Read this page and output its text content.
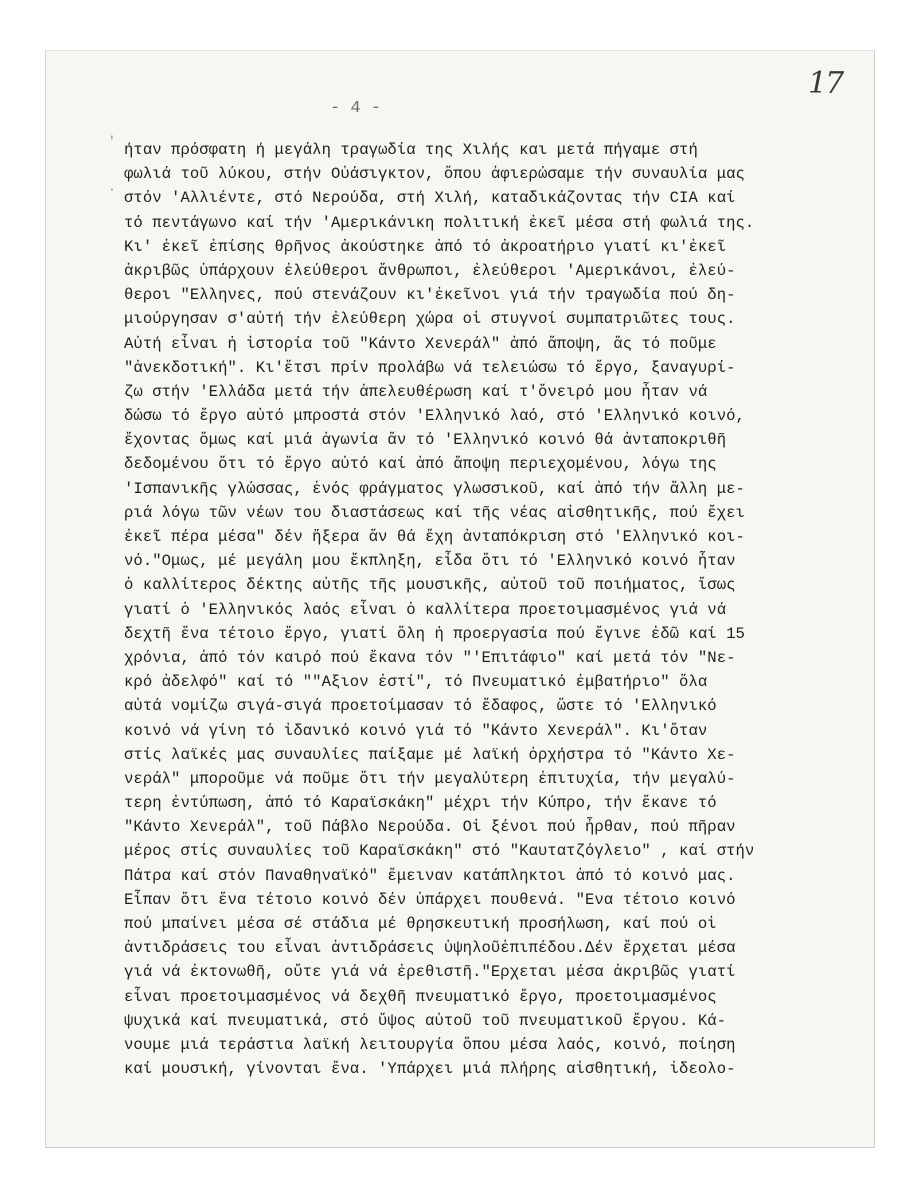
17
- 4 -
'
·
ήταν πρόσφατη ή μεγάλη τραγωδία της Χιλής και μετά πήγαμε στή
φωλιά τοῦ λύκου, στήν Οὐάσιγκτον, ὅπου ἀφιερώσαμε τήν συναυλία μας
στόν 'Αλλιέντε, στό Νερούδα, στή Χιλή, καταδικάζοντας τήν CIA καί
τό πεντάγωνο καί τήν 'Αμερικάνικη πολιτική ἐκεῖ μέσα στή φωλιά της.
Κι' ἐκεῖ ἐπίσης θρῆνος ἀκούστηκε ἀπό τό ἀκροατήριο γιατί κι'ἐκεῖ
ἀκριβῶς ὑπάρχουν ἐλεύθεροι ἄνθρωποι, ἐλεύθεροι 'Αμερικάνοι, ἐλεύ-
θεροι "Ελληνες, πού στενάζουν κι'ἐκεῖνοι γιά τήν τραγωδία πού δη-
μιούργησαν σ'αὐτή τήν ἐλεύθερη χώρα οἱ στυγνοί συμπατριῶτες τους.
Αὐτή εἶναι ἡ ἱστορία τοῦ "Κάντο Χενεράλ" ἀπό ἄποψη, ἅς τό ποῦμε
"ἀνεκδοτική". Κι'ἔτσι πρίν προλάβω νά τελειώσω τό ἔργο, ξαναγυρί-
ζω στήν 'Ελλάδα μετά τήν ἀπελευθέρωση καί τ'ὄνειρό μου ἦταν νά
δώσω τό ἔργο αὐτό μπροστά στόν 'Ελληνικό λαό, στό 'Ελληνικό κοινό,
ἔχοντας ὅμως καί μιά ἀγωνία ἄν τό 'Ελληνικό κοινό θά ἀνταποκριθῆ
δεδομένου ὅτι τό ἔργο αὐτό καί ἀπό ἄποψη περιεχομένου, λόγω της
'Ισπανικῆς γλώσσας, ἑνός φράγματος γλωσσικοῦ, καί ἀπό τήν ἄλλη με-
ριά λόγω τῶν νέων του διαστάσεως καί τῆς νέας αἰσθητικῆς, πού ἔχει
ἐκεῖ πέρα μέσα" δέν ἤξερα ἄν θά ἔχη ἀνταπόκριση στό 'Ελληνικό κοι-
νό."Ομως, μέ μεγάλη μου ἔκπληξη, εἶδα ὅτι τό 'Ελληνικό κοινό ἦταν
ὁ καλλίτερος δέκτης αὐτῆς τῆς μουσικῆς, αὐτοῦ τοῦ ποιήματος, ἴσως
γιατί ὁ 'Ελληνικός λαός εἶναι ὁ καλλίτερα προετοιμασμένος γιά νά
δεχτῆ ἕνα τέτοιο ἔργο, γιατί ὅλη ἡ προεργασία πού ἔγινε ἐδῶ καί 15
χρόνια, ἀπό τόν καιρό πού ἔκανα τόν "'Επιτάφιο" καί μετά τόν "Νε-
κρό ἀδελφό" καί τό ""Αξιον ἐστί", τό Πνευματικό ἐμβατήριο" ὅλα
αὐτά νομίζω σιγά-σιγά προετοίμασαν τό ἔδαφος, ὥστε τό 'Ελληνικό
κοινό νά γίνη τό ἰδανικό κοινό γιά τό "Κάντο Χενεράλ". Κι'ὅταν
στίς λαϊκές μας συναυλίες παίξαμε μέ λαϊκή ὀρχήστρα τό "Κάντο Χε-
νεράλ" μποροῦμε νά ποῦμε ὅτι τήν μεγαλύτερη ἐπιτυχία, τήν μεγαλύ-
τερη ἐντύπωση, ἀπό τό Καραϊσκάκη" μέχρι τήν Κύπρο, τήν ἔκανε τό
"Κάντο Χενεράλ", τοῦ Πάβλο Νερούδα. Οἱ ξένοι πού ἦρθαν, πού πῆραν
μέρος στίς συναυλίες τοῦ Καραϊσκάκη" στό "Καυτατζόγλειο" , καί στήν
Πάτρα καί στόν Παναθηναϊκό" ἔμειναν κατάπληκτοι ἀπό τό κοινό μας.
Εἶπαν ὅτι ἕνα τέτοιο κοινό δέν ὑπάρχει πουθενά. "Ενα τέτοιο κοινό
πού μπαίνει μέσα σέ στάδια μέ θρησκευτική προσήλωση, καί πού οἱ
ἀντιδράσεις του εἶναι ἀντιδράσεις ὑψηλοῦἐπιπέδου.Δέν ἔρχεται μέσα
γιά νά ἐκτονωθῆ, οὔτε γιά νά ἐρεθιστῆ."Ερχεται μέσα ἀκριβῶς γιατί
εἶναι προετοιμασμένος νά δεχθῆ πνευματικό ἔργο, προετοιμασμένος
ψυχικά καί πνευματικά, στό ὕψος αὐτοῦ τοῦ πνευματικοῦ ἔργου. Κά-
νουμε μιά τεράστια λαϊκή λειτουργία ὅπου μέσα λαός, κοινό, ποίηση
καί μουσική, γίνονται ἕνα. 'Υπάρχει μιά πλήρης αἰσθητική, ἰδεολο-
